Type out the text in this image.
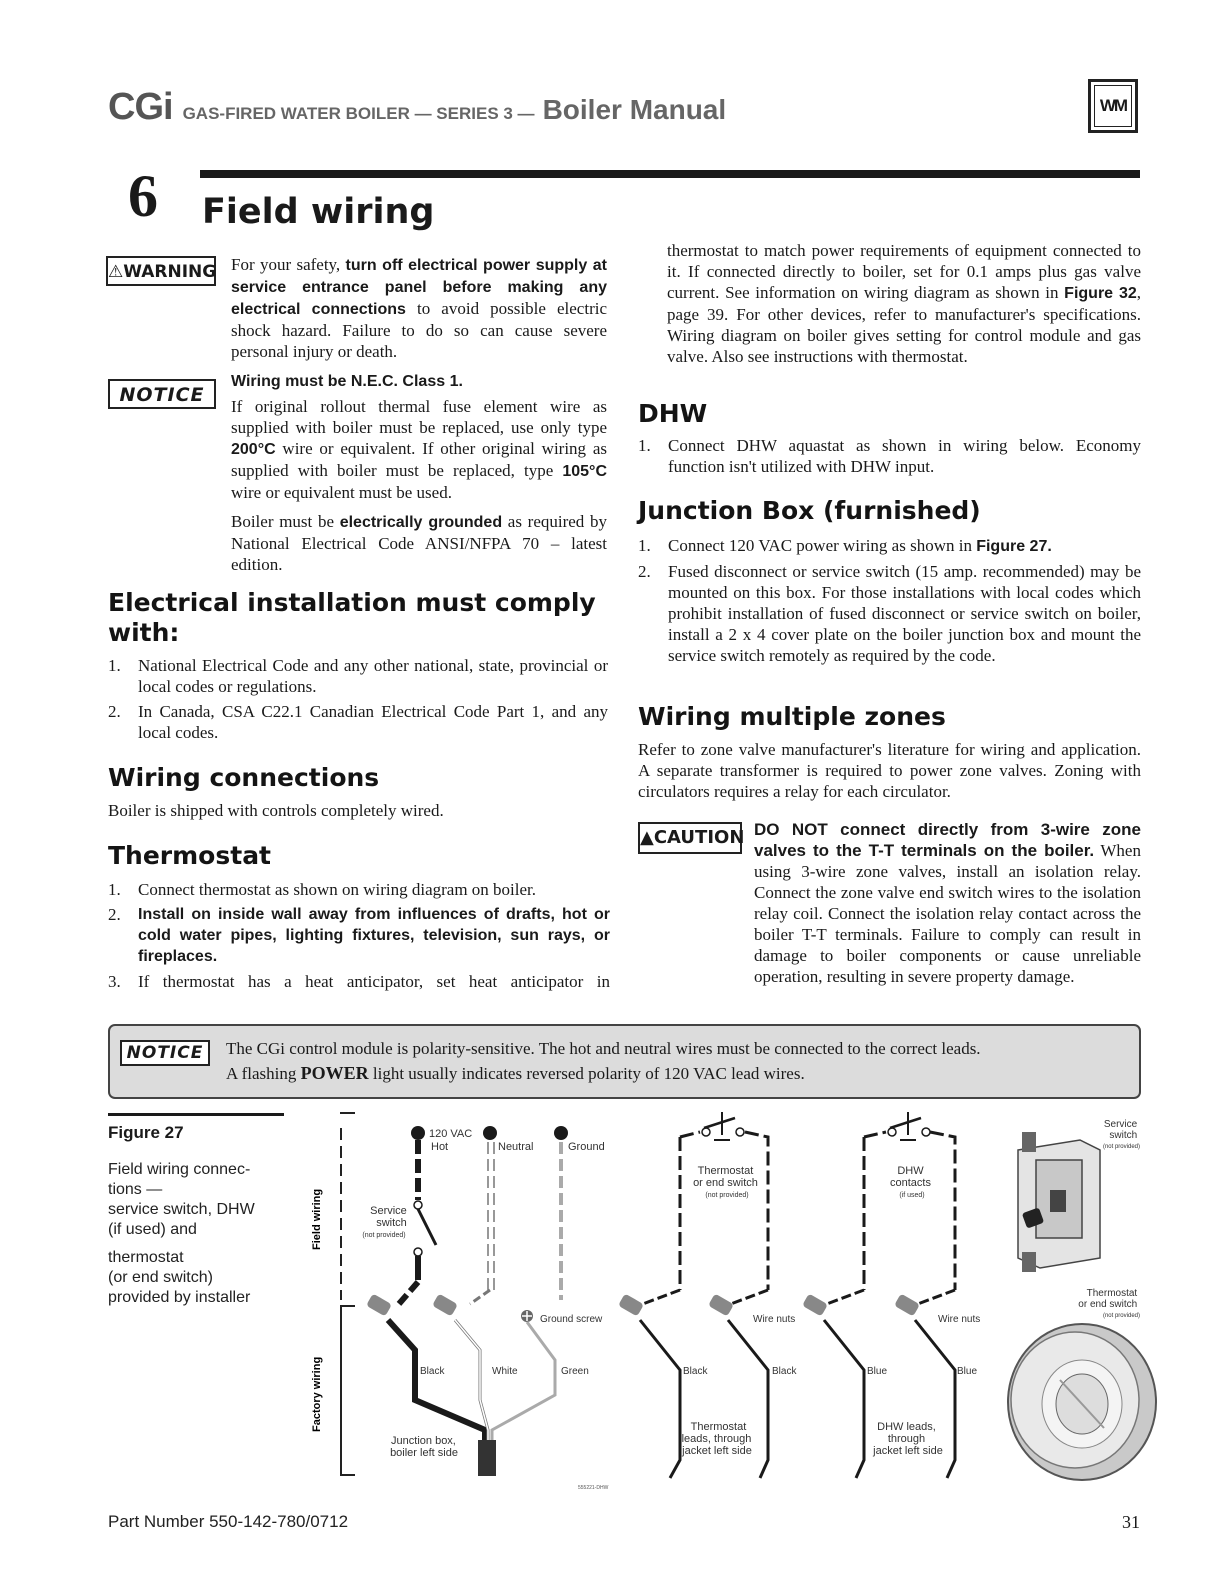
CGi GAS-FIRED WATER BOILER — SERIES 3 — Boiler Manual	WM
6 Field wiring
⚠WARNING For your safety, turn off electrical power supply at service entrance panel before making any electrical connections to avoid possible electric shock hazard. Failure to do so can cause severe personal injury or death.
NOTICE
Wiring must be N.E.C. Class 1.
If original rollout thermal fuse element wire as supplied with boiler must be replaced, use only type 200°C wire or equivalent. If other original wiring as supplied with boiler must be replaced, type 105°C wire or equivalent must be used.
Boiler must be electrically grounded as required by National Electrical Code ANSI/NFPA 70 – latest edition.
Electrical installation must comply with:
1.	National Electrical Code and any other national, state, provincial or local codes or regulations.
2.	In Canada, CSA C22.1 Canadian Electrical Code Part 1, and any local codes.
Wiring connections
Boiler is shipped with controls completely wired.
Thermostat
1.	Connect thermostat as shown on wiring diagram on boiler.
2.	Install on inside wall away from influences of drafts, hot or cold water pipes, lighting fixtures, television, sun rays, or fireplaces.
3.	If thermostat has a heat anticipator, set heat anticipator in
thermostat to match power requirements of equipment connected to it. If connected directly to boiler, set for 0.1 amps plus gas valve current. See information on wiring diagram as shown in Figure 32, page 39. For other devices, refer to manufacturer's specifications. Wiring diagram on boiler gives setting for control module and gas valve. Also see instructions with thermostat.
DHW
1.	Connect DHW aquastat as shown in wiring below. Economy function isn't utilized with DHW input.
Junction Box (furnished)
1.	Connect 120 VAC power wiring as shown in Figure 27.
2.	Fused disconnect or service switch (15 amp. recommended) may be mounted on this box. For those installations with local codes which prohibit installation of fused disconnect or service switch on boiler, install a 2 x 4 cover plate on the boiler junction box and mount the service switch remotely as required by the code.
Wiring multiple zones
Refer to zone valve manufacturer's literature for wiring and application. A separate transformer is required to power zone valves. Zoning with circulators requires a relay for each circulator.
▲CAUTION DO NOT connect directly from 3-wire zone valves to the T-T terminals on the boiler. When using 3-wire zone valves, install an isolation relay. Connect the zone valve end switch wires to the isolation relay coil. Connect the isolation relay contact across the boiler T-T terminals. Failure to comply can result in damage to boiler components or cause unreliable operation, resulting in severe property damage.
NOTICE	The CGi control module is polarity-sensitive. The hot and neutral wires must be connected to the correct leads.
A flashing POWER light usually indicates reversed polarity of 120 VAC lead wires.
Figure 27
Field wiring connec-
tions —
service switch, DHW
(if used) and
thermostat
(or end switch)
provided by installer
Field wiring
Factory wiring
120 VAC
Hot	Neutral	Ground
Service switch (not provided)
Ground screw
Black	White	Green
Junction box, boiler left side
555221-DHW
Thermostat or end switch (not provided)
Wire nuts
Black	Black
Thermostat leads, through jacket left side
DHW contacts (if used)
Wire nuts
Blue	Blue
DHW leads, through jacket left side
Service switch (not provided)
Thermostat or end switch (not provided)
Part Number 550-142-780/0712	31
